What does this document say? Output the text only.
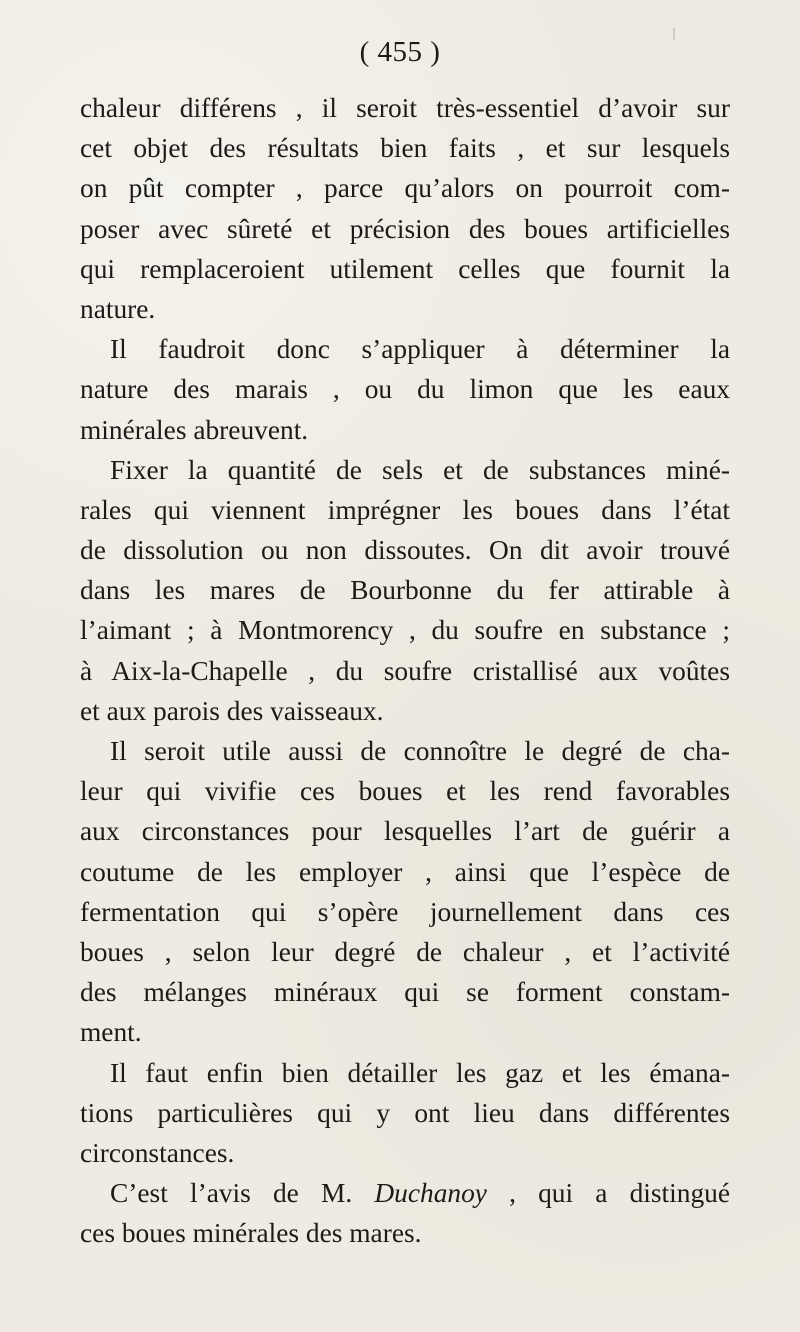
( 455 )
chaleur différens , il seroit très-essentiel d’avoir sur
cet objet des résultats bien faits , et sur lesquels
on pût compter , parce qu’alors on pourroit com-
poser avec sûreté et précision des boues artificielles
qui remplaceroient utilement celles que fournit la
nature.
Il faudroit donc s’appliquer à déterminer la
nature des marais , ou du limon que les eaux
minérales abreuvent.
Fixer la quantité de sels et de substances miné-
rales qui viennent imprégner les boues dans l’état
de dissolution ou non dissoutes. On dit avoir trouvé
dans les mares de Bourbonne du fer attirable à
l’aimant ; à Montmorency , du soufre en substance ;
à Aix-la-Chapelle , du soufre cristallisé aux voûtes
et aux parois des vaisseaux.
Il seroit utile aussi de connoître le degré de cha-
leur qui vivifie ces boues et les rend favorables
aux circonstances pour lesquelles l’art de guérir a
coutume de les employer , ainsi que l’espèce de
fermentation qui s’opère journellement dans ces
boues , selon leur degré de chaleur , et l’activité
des mélanges minéraux qui se forment constam-
ment.
Il faut enfin bien détailler les gaz et les émana-
tions particulières qui y ont lieu dans différentes
circonstances.
C’est l’avis de M. Duchanoy , qui a distingué
ces boues minérales des mares.
